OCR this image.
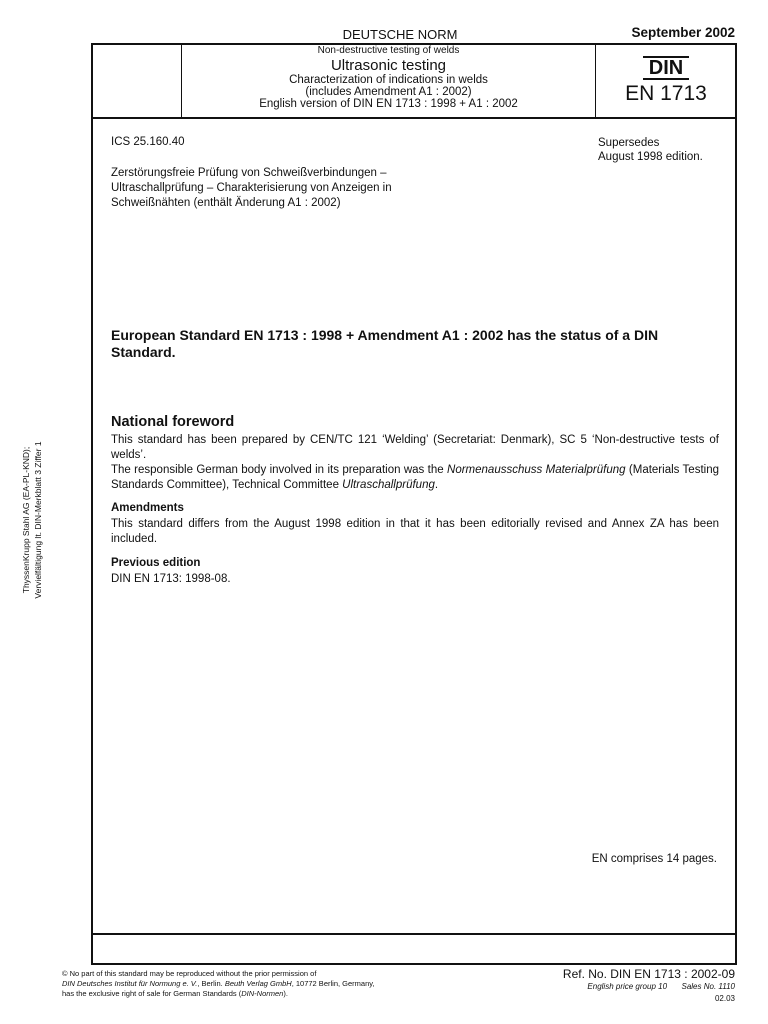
DEUTSCHE NORM	September 2002
Non-destructive testing of welds
Ultrasonic testing
Characterization of indications in welds
(includes Amendment A1 : 2002)
English version of DIN EN 1713 : 1998 + A1 : 2002
DIN
EN 1713
ICS 25.160.40	Supersedes
August 1998 edition.
Zerstörungsfreie Prüfung von Schweißverbindungen –
Ultraschallprüfung – Charakterisierung von Anzeigen in
Schweißnähten (enthält Änderung A1 : 2002)
European Standard EN 1713 : 1998 + Amendment A1 : 2002 has the status of a DIN Standard.
National foreword

This standard has been prepared by CEN/TC 121 ‘Welding’ (Secretariat: Denmark), SC 5 ‘Non-destructive tests of welds’.

The responsible German body involved in its preparation was the Normenausschuss Materialprüfung (Materials Testing Standards Committee), Technical Committee Ultraschallprüfung.

Amendments
This standard differs from the August 1998 edition in that it has been editorially revised and Annex ZA has been included.
Previous edition
DIN EN 1713: 1998-08.
EN comprises 14 pages.
ThyssenKrupp Stahl AG (EA-PL-KND); Vervielfältigung lt. DIN-Merkblatt 3 Ziffer 1
© No part of this standard may be reproduced without the prior permission of
DIN Deutsches Institut für Normung e. V., Berlin. Beuth Verlag GmbH, 10772 Berlin, Germany,
has the exclusive right of sale for German Standards (DIN-Normen).
Ref. No. DIN EN 1713 : 2002-09
English price group 10 Sales No. 1110
02.03
